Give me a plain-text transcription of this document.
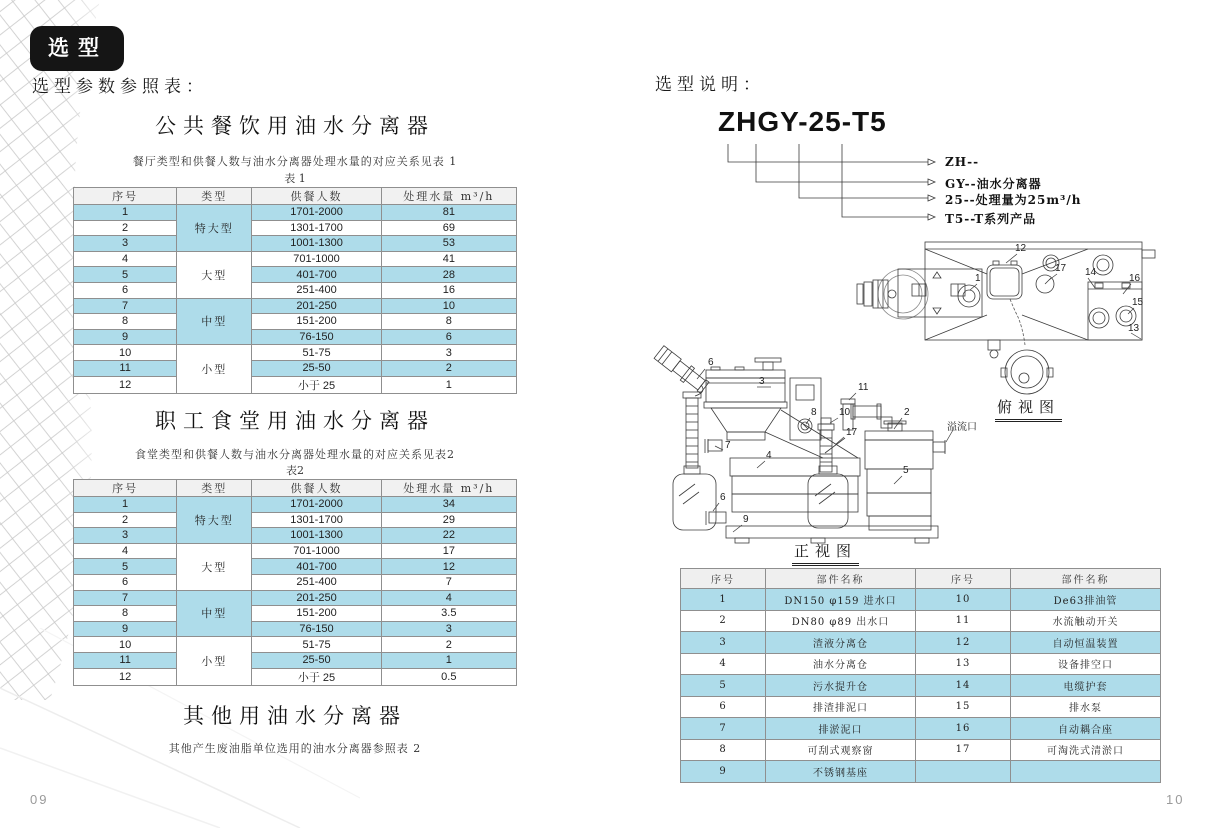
选型
选型参数参照表：	选型说明：
公共餐饮用油水分离器
餐厅类型和供餐人数与油水分离器处理水量的对应关系见表 1
表 1
序号	类型	供餐人数	处理水量 m³/h
1	特大型	1701-2000	81
2		1301-1700	69
3		1001-1300	53
4	大型	701-1000	41
5		401-700	28
6		251-400	16
7	中型	201-250	10
8		151-200	8
9		76-150	6
10	小型	51-75	3
11		25-50	2
12		小于 25	1
职工食堂用油水分离器
食堂类型和供餐人数与油水分离器处理水量的对应关系见表2
表2
序号	类型	供餐人数	处理水量 m³/h
1	特大型	1701-2000	34
2		1301-1700	29
3		1001-1300	22
4	大型	701-1000	17
5		401-700	12
6		251-400	7
7	中型	201-250	4
8		151-200	3.5
9		76-150	3
10	小型	51-75	2
11		25-50	1
12		小于 25	0.5
其他用油水分离器
其他产生废油脂单位选用的油水分离器参照表 2
ZHGY-25-T5
ZH--
GY--油水分离器
25--处理量为25m³/h
T5--T系列产品
12
17 14
16
15
13
1
俯视图
6
3
7
8 10
11
17
2
4
5
9
6
溢流口
正视图
序号	部件名称	序号	部件名称
1	DN150 φ159 进水口	10	De63排油管
2	DN80 φ89 出水口	11	水流触动开关
3	渣液分离仓	12	自动恒温装置
4	油水分离仓	13	设备排空口
5	污水提升仓	14	电缆护套
6	排渣排泥口	15	排水泵
7	排淤泥口	16	自动耦合座
8	可刮式观察窗	17	可淘洗式清淤口
9	不锈钢基座		
09	10
